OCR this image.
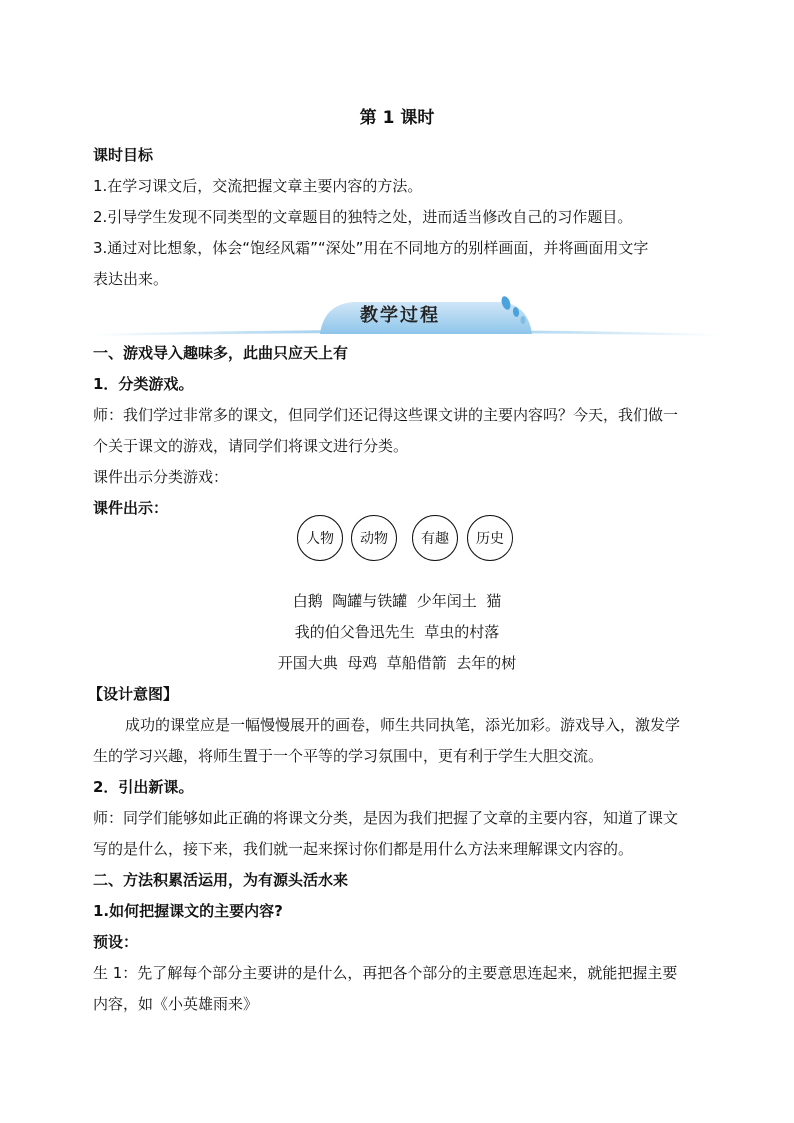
第 1 课时
课时目标
1.在学习课文后，交流把握文章主要内容的方法。
2.引导学生发现不同类型的文章题目的独特之处，进而适当修改自己的习作题目。
3.通过对比想象，体会“饱经风霜”“深处”用在不同地方的别样画面，并将画面用文字
表达出来。
教学过程
一、游戏导入趣味多，此曲只应天上有
1．分类游戏。
师：我们学过非常多的课文，但同学们还记得这些课文讲的主要内容吗？今天，我们做一
个关于课文的游戏，请同学们将课文进行分类。
课件出示分类游戏：
课件出示：
人物	动物	有趣	历史
白鹅  陶罐与铁罐  少年闰土  猫
我的伯父鲁迅先生  草虫的村落
开国大典  母鸡  草船借箭  去年的树
【设计意图】
成功的课堂应是一幅慢慢展开的画卷，师生共同执笔，添光加彩。游戏导入，激发学
生的学习兴趣，将师生置于一个平等的学习氛围中，更有利于学生大胆交流。
2．引出新课。
师：同学们能够如此正确的将课文分类，是因为我们把握了文章的主要内容，知道了课文
写的是什么，接下来，我们就一起来探讨你们都是用什么方法来理解课文内容的。
二、方法积累活运用，为有源头活水来
1.如何把握课文的主要内容?
预设：
生 1：先了解每个部分主要讲的是什么，再把各个部分的主要意思连起来，就能把握主要
内容，如《小英雄雨来》
